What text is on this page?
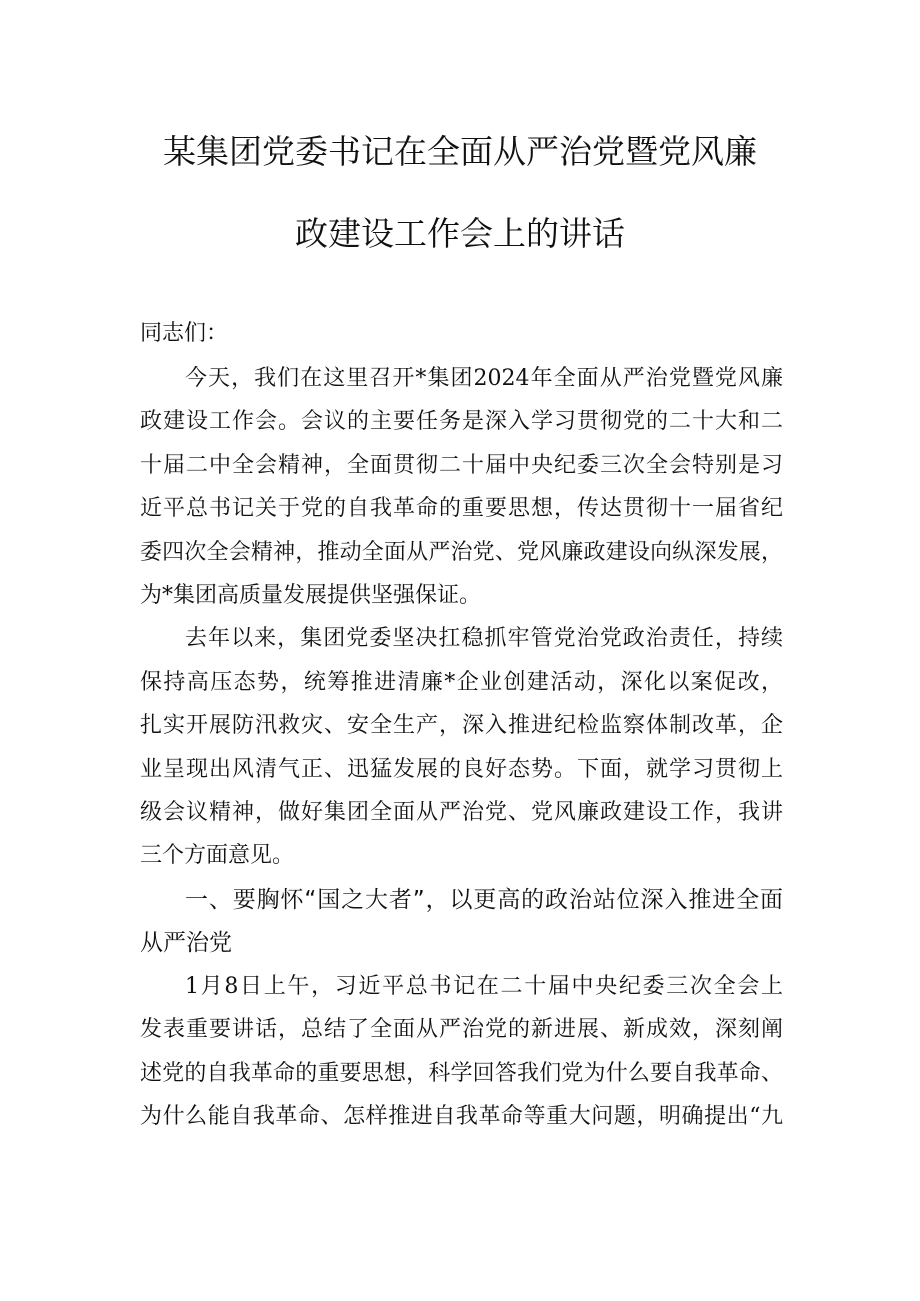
某集团党委书记在全面从严治党暨党风廉
政建设工作会上的讲话
同志们：
今天，我们在这里召开*集团2024年全面从严治党暨党风廉
政建设工作会。会议的主要任务是深入学习贯彻党的二十大和二
十届二中全会精神，全面贯彻二十届中央纪委三次全会特别是习
近平总书记关于党的自我革命的重要思想，传达贯彻十一届省纪
委四次全会精神，推动全面从严治党、党风廉政建设向纵深发展，
为*集团高质量发展提供坚强保证。
去年以来，集团党委坚决扛稳抓牢管党治党政治责任，持续
保持高压态势，统筹推进清廉*企业创建活动，深化以案促改，
扎实开展防汛救灾、安全生产，深入推进纪检监察体制改革，企
业呈现出风清气正、迅猛发展的良好态势。下面，就学习贯彻上
级会议精神，做好集团全面从严治党、党风廉政建设工作，我讲
三个方面意见。
一、要胸怀“国之大者”，以更高的政治站位深入推进全面
从严治党
1月8日上午，习近平总书记在二十届中央纪委三次全会上
发表重要讲话，总结了全面从严治党的新进展、新成效，深刻阐
述党的自我革命的重要思想，科学回答我们党为什么要自我革命、
为什么能自我革命、怎样推进自我革命等重大问题，明确提出“九
